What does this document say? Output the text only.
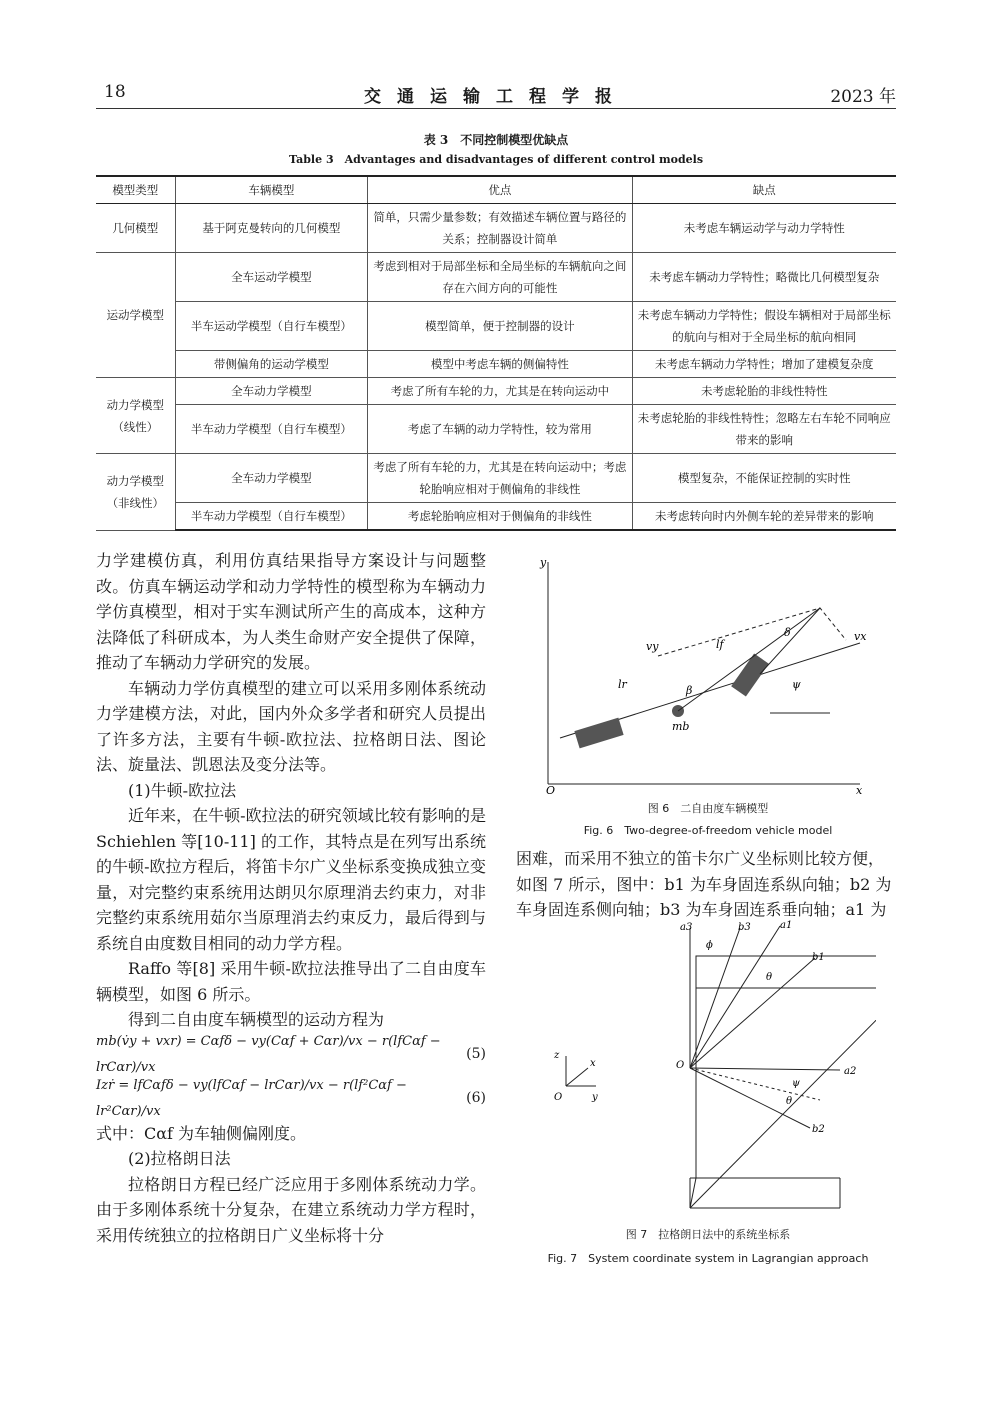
18	交通运输工程学报	2023 年
表 3　不同控制模型优缺点
Table 3　Advantages and disadvantages of different control models
模型类型	车辆模型	优点	缺点
几何模型	基于阿克曼转向的几何模型	简单，只需少量参数；有效描述车辆位置与路径的关系；控制器设计简单	未考虑车辆运动学与动力学特性
运动学模型	全车运动学模型	考虑到相对于局部坐标和全局坐标的车辆航向之间存在六间方向的可能性	未考虑车辆动力学特性；略微比几何模型复杂
	半车运动学模型（自行车模型）	模型简单，便于控制器的设计	未考虑车辆动力学特性；假设车辆相对于局部坐标的航向与相对于全局坐标的航向相同
	带侧偏角的运动学模型	模型中考虑车辆的侧偏特性	未考虑车辆动力学特性；增加了建模复杂度
动力学模型（线性）	全车动力学模型	考虑了所有车轮的力，尤其是在转向运动中	未考虑轮胎的非线性特性
	半车动力学模型（自行车模型）	考虑了车辆的动力学特性，较为常用	未考虑轮胎的非线性特性；忽略左右车轮不同响应带来的影响
动力学模型（非线性）	全车动力学模型	考虑了所有车轮的力，尤其是在转向运动中；考虑轮胎响应相对于侧偏角的非线性	模型复杂，不能保证控制的实时性
	半车动力学模型（自行车模型）	考虑轮胎响应相对于侧偏角的非线性	未考虑转向时内外侧车轮的差异带来的影响

力学建模仿真，利用仿真结果指导方案设计与问题整改。仿真车辆运动学和动力学特性的模型称为车辆动力学仿真模型，相对于实车测试所产生的高成本，这种方法降低了科研成本，为人类生命财产安全提供了保障，推动了车辆动力学研究的发展。

车辆动力学仿真模型的建立可以采用多刚体系统动力学建模方法，对此，国内外众多学者和研究人员提出了许多方法，主要有牛顿-欧拉法、拉格朗日法、图论法、旋量法、凯恩法及变分法等。

(1)牛顿-欧拉法

近年来，在牛顿-欧拉法的研究领域比较有影响的是 Schiehlen 等[10-11] 的工作，其特点是在列写出系统的牛顿-欧拉方程后，将笛卡尔广义坐标系变换成独立变量，对完整约束系统用达朗贝尔原理消去约束力，对非完整约束系统用茹尔当原理消去约束反力，最后得到与系统自由度数目相同的动力学方程。

Raffo 等[8] 采用牛顿-欧拉法推导出了二自由度车辆模型，如图 6 所示。

得到二自由度车辆模型的运动方程为

mb(v̇y + vxr) = Cαfδ − vy(Cαf + Cαr)/vx − r(lfCαf − lrCαr)/vx
(5)
Izṙ = lfCαfδ − vy(lfCαf − lrCαr)/vx − r(lf²Cαf − lr²Cαr)/vx
(6)

式中：Cαf 为车轴侧偏刚度。

(2)拉格朗日法

拉格朗日方程已经广泛应用于多刚体系统动力学。由于多刚体系统十分复杂，在建立系统动力学方程时，采用传统独立的拉格朗日广义坐标将十分

y
x
O
mb
vy
vx
δ
ψ
β
lf
lr
图 6　二自由度车辆模型
Fig. 6　Two-degree-of-freedom vehicle model
困难，而采用不独立的笛卡尔广义坐标则比较方便，如图 7 所示，图中：b1 为车身固连系纵向轴；b2 为车身固连系侧向轴；b3 为车身固连系垂向轴；a1 为
a3	b3	a1
b1
ϕ
θ
ψ
θ
a2
b2
O
z
x
y
O
图 7　拉格朗日法中的系统坐标系
Fig. 7　System coordinate system in Lagrangian approach
